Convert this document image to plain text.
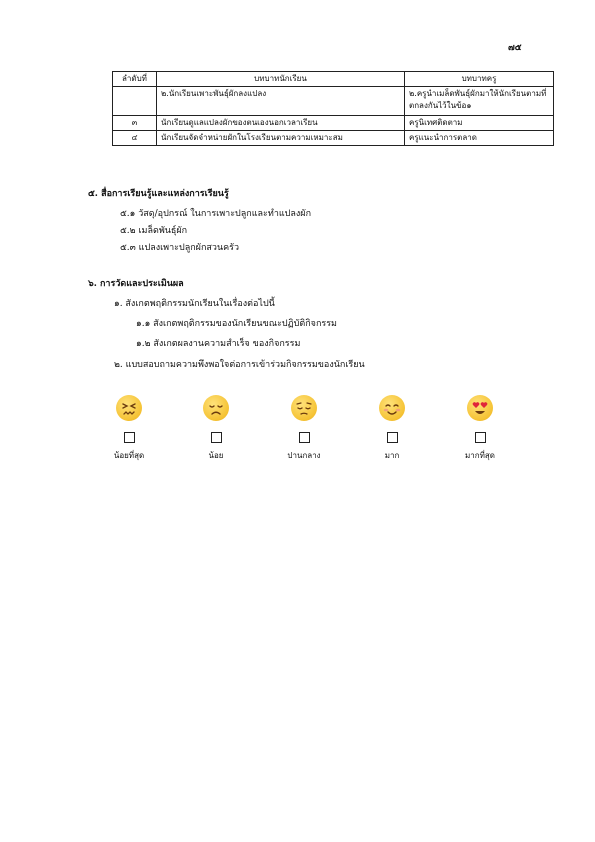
๗๕
ลำดับที่	บทบาทนักเรียน	บทบาทครู
	๒.นักเรียนเพาะพันธุ์ผักลงแปลง	๒.ครูนำเมล็ดพันธุ์ผักมาให้นักเรียนตามที่ตกลงกันไว้ในข้อ๑
๓	นักเรียนดูแลแปลงผักของตนเองนอกเวลาเรียน	ครูนิเทศติดตาม
๔	นักเรียนจัดจำหน่ายผักในโรงเรียนตามความเหมาะสม	ครูแนะนำการตลาด
๕. สื่อการเรียนรู้และแหล่งการเรียนรู้
๕.๑ วัสดุ/อุปกรณ์ ในการเพาะปลูกและทำแปลงผัก
๕.๒ เมล็ดพันธุ์ผัก
๕.๓ แปลงเพาะปลูกผักสวนครัว
๖. การวัดและประเมินผล
๑. สังเกตพฤติกรรมนักเรียนในเรื่องต่อไปนี้
๑.๑ สังเกตพฤติกรรมของนักเรียนขณะปฏิบัติกิจกรรม
๑.๒ สังเกตผลงานความสำเร็จ ของกิจกรรม
๒. แบบสอบถามความพึงพอใจต่อการเข้าร่วมกิจกรรมของนักเรียน
น้อยที่สุด	น้อย	ปานกลาง	มาก	มากที่สุด
